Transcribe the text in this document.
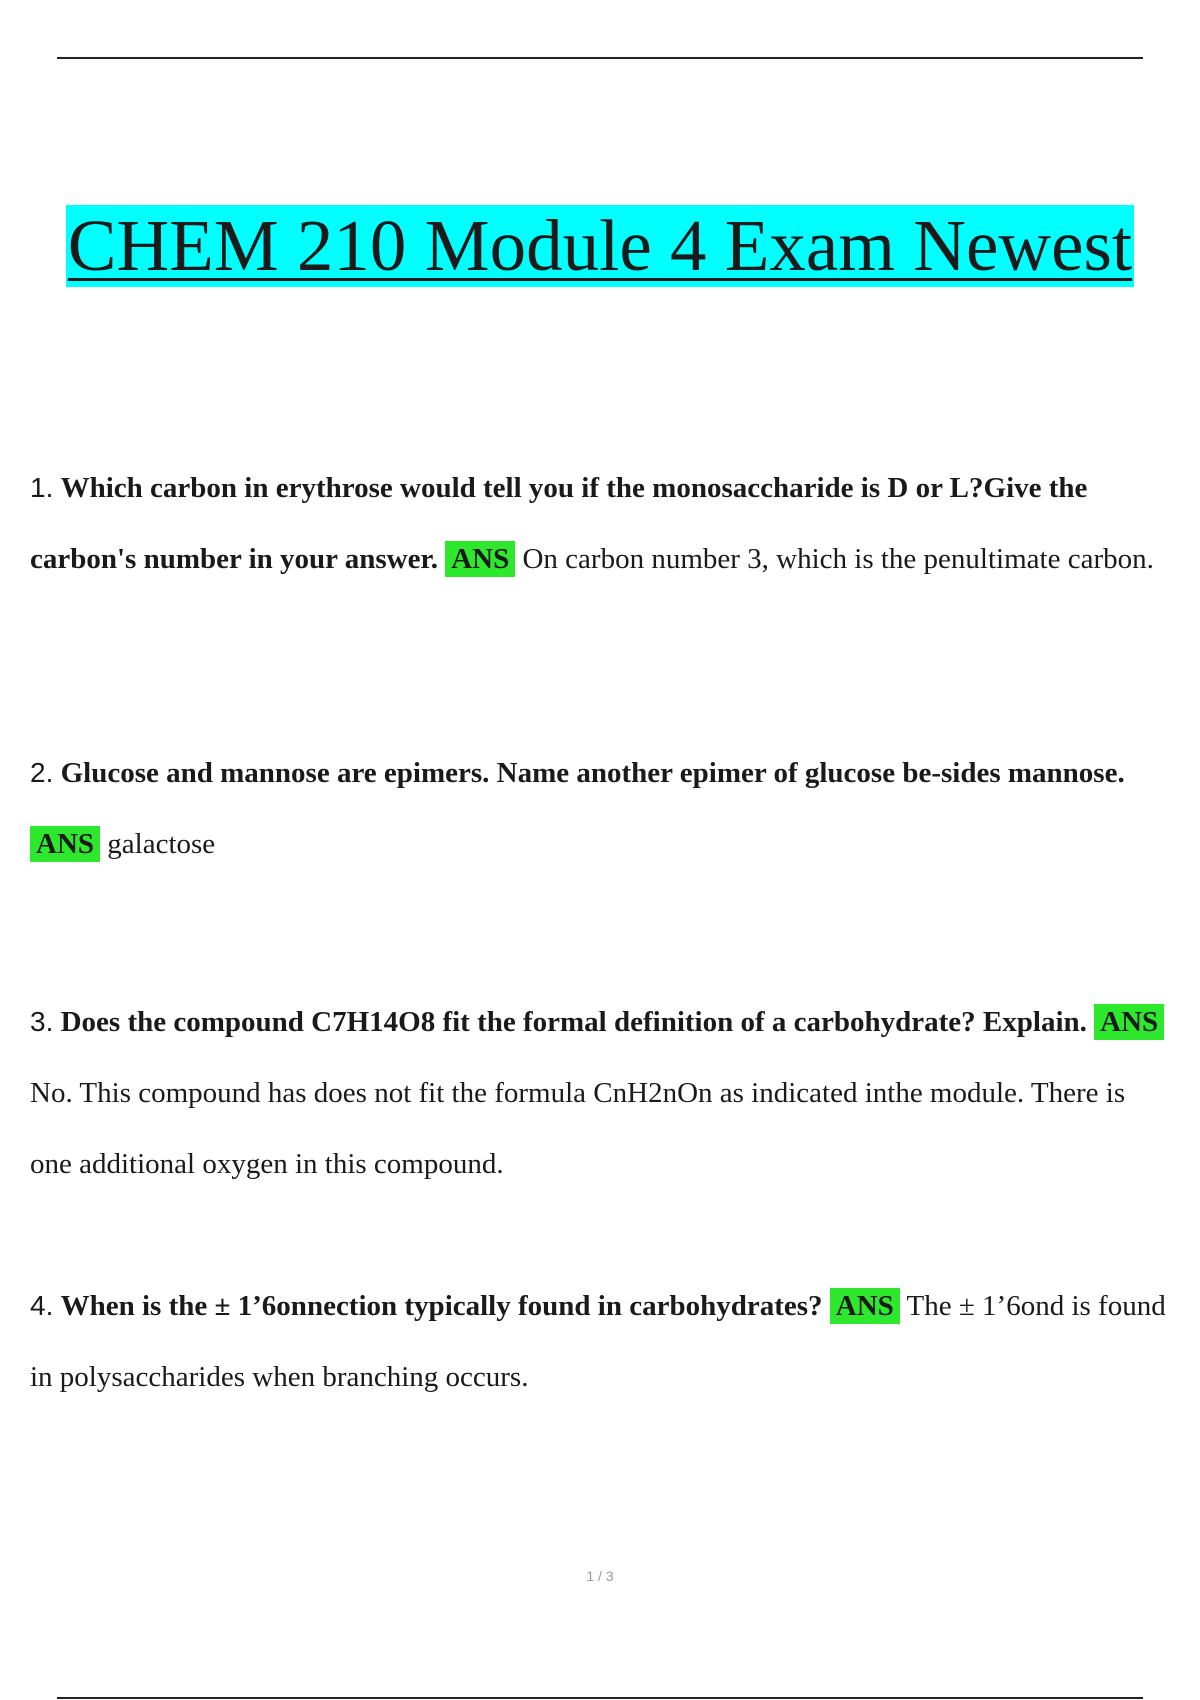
CHEM 210 Module 4 Exam Newest
1. Which carbon in erythrose would tell you if the monosaccharide is D or L?Give the carbon's number in your answer. ANS On carbon number 3, which is the penultimate carbon.
2. Glucose and mannose are epimers. Name another epimer of glucose be-sides mannose. ANS galactose
3. Does the compound C7H14O8 fit the formal definition of a carbohydrate? Explain. ANS No. This compound has does not fit the formula CnH2nOn as indicated inthe module. There is one additional oxygen in this compound.
4. When is the ± 1’6onnection typically found in carbohydrates? ANS The ± 1’6ond is found in polysaccharides when branching occurs.
1 / 3
